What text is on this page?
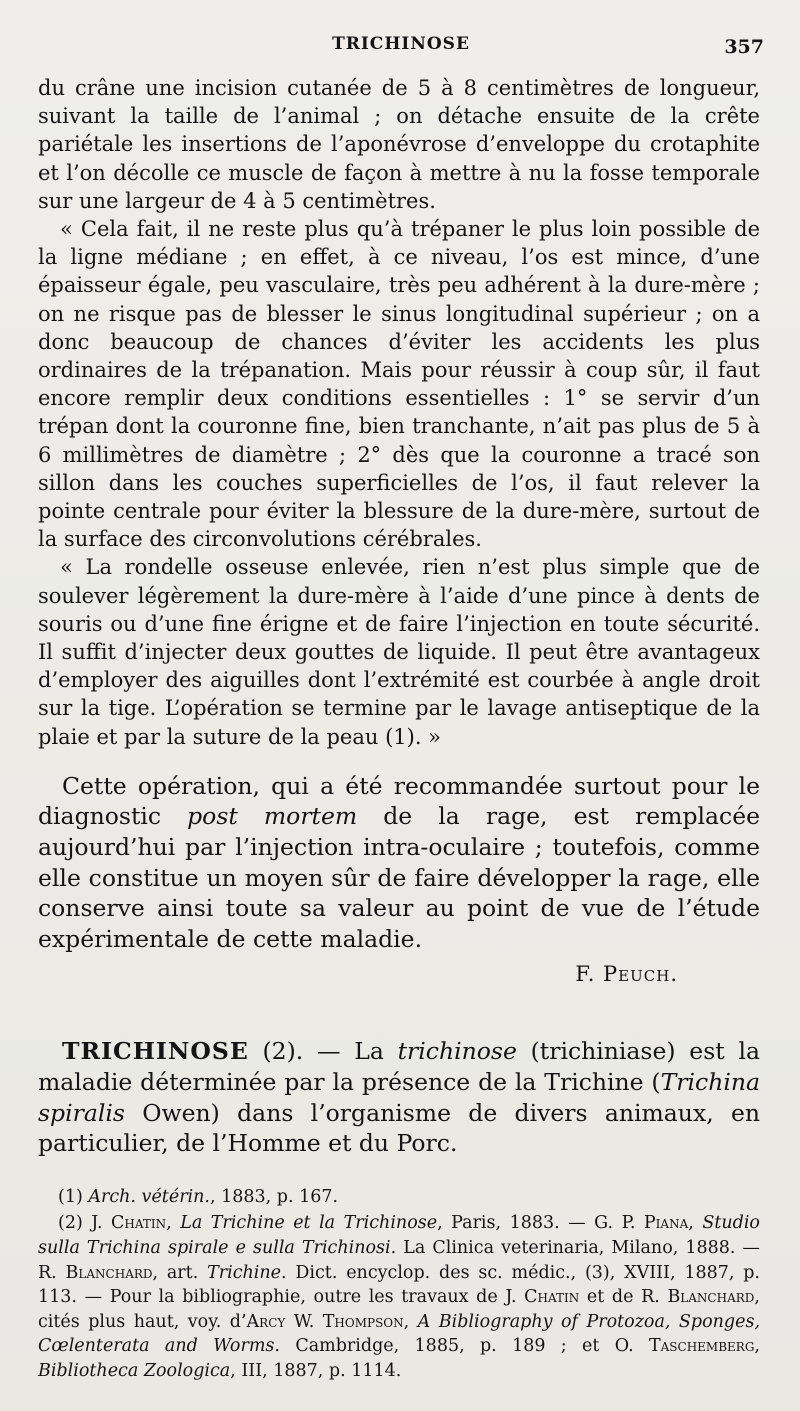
TRICHINOSE	357

du crâne une incision cutanée de 5 à 8 centimètres de longueur, suivant la taille de l’animal ; on détache ensuite de la crête pariétale les insertions de l’aponévrose d’enveloppe du crotaphite et l’on décolle ce muscle de façon à mettre à nu la fosse temporale sur une largeur de 4 à 5 centimètres.

« Cela fait, il ne reste plus qu’à trépaner le plus loin possible de la ligne médiane ; en effet, à ce niveau, l’os est mince, d’une épaisseur égale, peu vasculaire, très peu adhérent à la dure-mère ; on ne risque pas de blesser le sinus longitudinal supérieur ; on a donc beaucoup de chances d’éviter les accidents les plus ordinaires de la trépanation. Mais pour réussir à coup sûr, il faut encore remplir deux conditions essentielles : 1° se servir d’un trépan dont la couronne fine, bien tranchante, n’ait pas plus de 5 à 6 millimètres de diamètre ; 2° dès que la couronne a tracé son sillon dans les couches superficielles de l’os, il faut relever la pointe centrale pour éviter la blessure de la dure-mère, surtout de la surface des circonvolutions cérébrales.

« La rondelle osseuse enlevée, rien n’est plus simple que de soulever légèrement la dure-mère à l’aide d’une pince à dents de souris ou d’une fine érigne et de faire l’injection en toute sécurité. Il suffit d’injecter deux gouttes de liquide. Il peut être avantageux d’employer des aiguilles dont l’extrémité est courbée à angle droit sur la tige. L’opération se termine par le lavage antiseptique de la plaie et par la suture de la peau (1). »

Cette opération, qui a été recommandée surtout pour le diagnostic post mortem de la rage, est remplacée aujourd’hui par l’injection intra-oculaire ; toutefois, comme elle constitue un moyen sûr de faire développer la rage, elle conserve ainsi toute sa valeur au point de vue de l’étude expérimentale de cette maladie.

F. Peuch.

TRICHINOSE (2). — La trichinose (trichiniase) est la maladie déterminée par la présence de la Trichine (Trichina spiralis Owen) dans l’organisme de divers animaux, en particulier, de l’Homme et du Porc.

(1) Arch. vétérin., 1883, p. 167.

(2) J. Chatin, La Trichine et la Trichinose, Paris, 1883. — G. P. Piana, Studio sulla Trichina spirale e sulla Trichinosi. La Clinica veterinaria, Milano, 1888. — R. Blanchard, art. Trichine. Dict. encyclop. des sc. médic., (3), XVIII, 1887, p. 113. — Pour la bibliographie, outre les travaux de J. Chatin et de R. Blanchard, cités plus haut, voy. d’Arcy W. Thompson, A Bibliography of Protozoa, Sponges, Cœlenterata and Worms. Cambridge, 1885, p. 189 ; et O. Taschemberg, Bibliotheca Zoologica, III, 1887, p. 1114.
